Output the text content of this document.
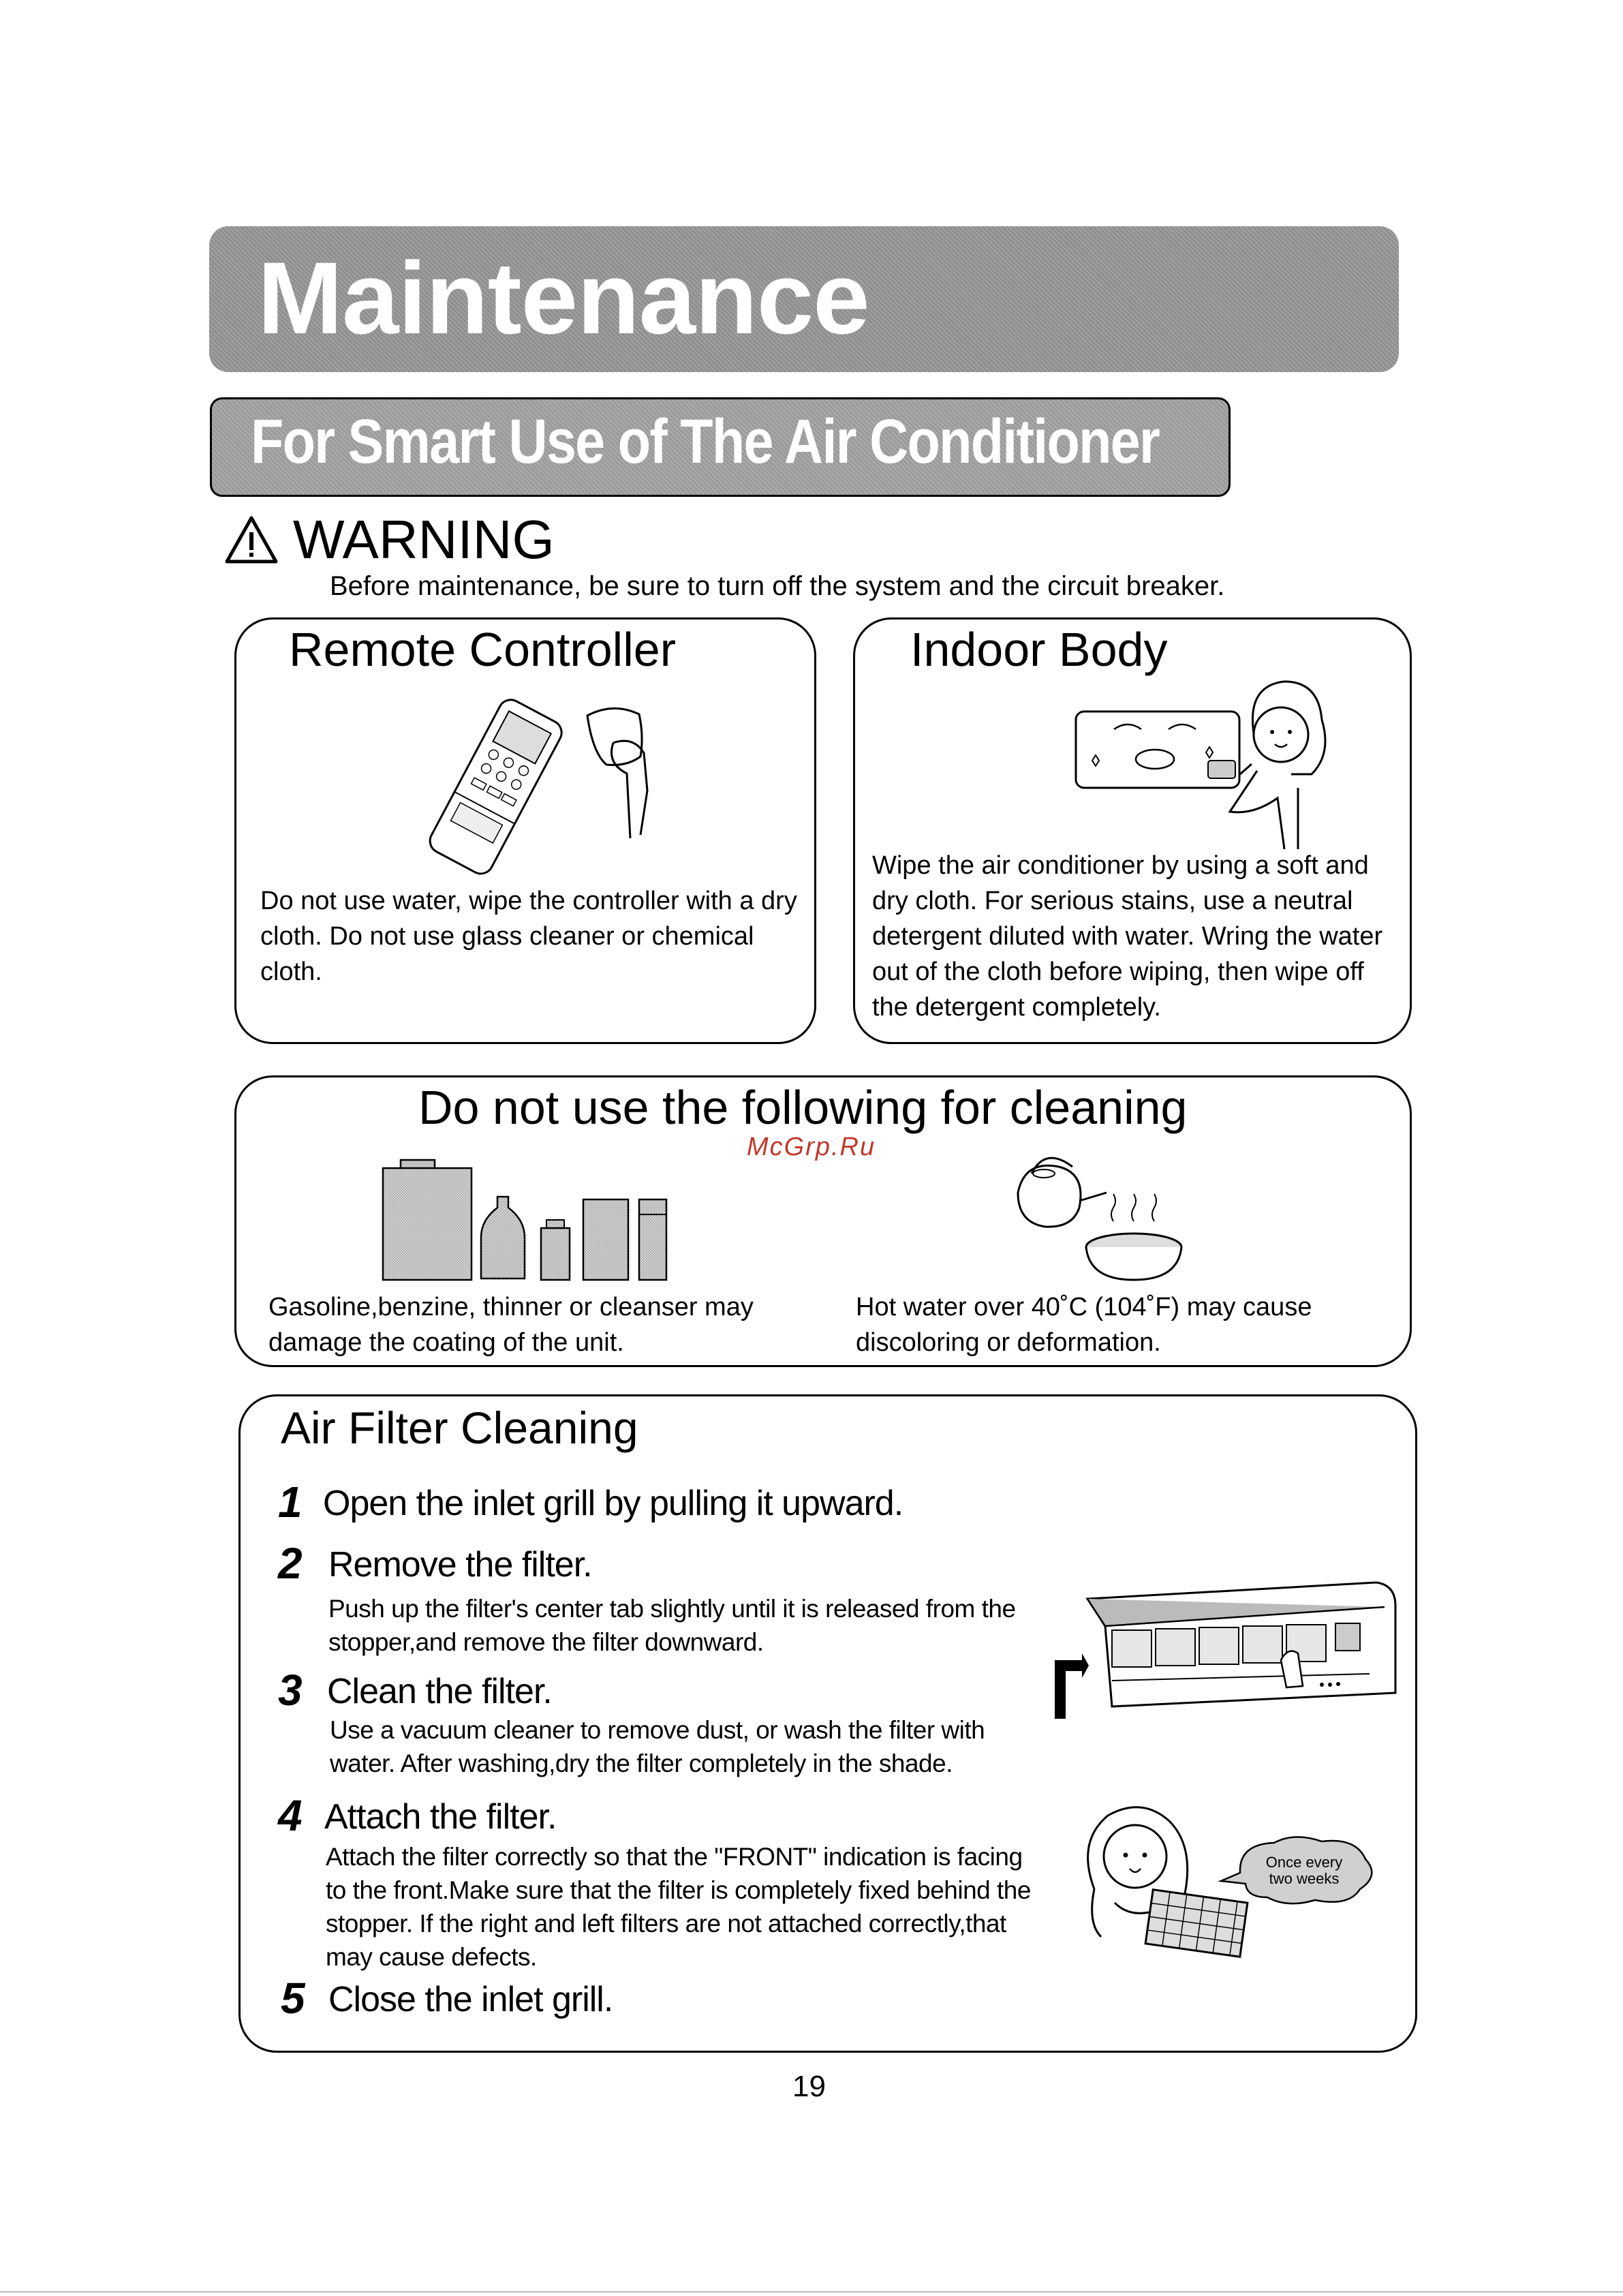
Maintenance
For Smart Use of The Air Conditioner
WARNING
Before maintenance, be sure to turn off the system and the circuit breaker.
Remote Controller
Do not use water, wipe the controller with a dry cloth. Do not use glass cleaner or chemical cloth.
Indoor Body
Wipe the air conditioner by using a soft and dry cloth. For serious stains, use a neutral detergent diluted with water. Wring the water out of the cloth before wiping, then wipe off the detergent completely.
Do not use the following for cleaning
McGrp.Ru
Gasoline,benzine, thinner or cleanser may damage the coating of the unit.
Hot water over 40˚C (104˚F) may cause discoloring or deformation.
Air Filter Cleaning
1 Open the inlet grill by pulling it upward.
2 Remove the filter.
Push up the filter's center tab slightly until it is released from the stopper,and remove the filter downward.
3 Clean the filter.
Use a vacuum cleaner to remove dust, or wash the filter with water. After washing,dry the filter completely in the shade.
4 Attach the filter.
Attach the filter correctly so that the "FRONT" indication is facing to the front.Make sure that the filter is completely fixed behind the stopper. If the right and left filters are not attached correctly,that may cause defects.
5 Close the inlet grill.
Once every
two weeks
19
